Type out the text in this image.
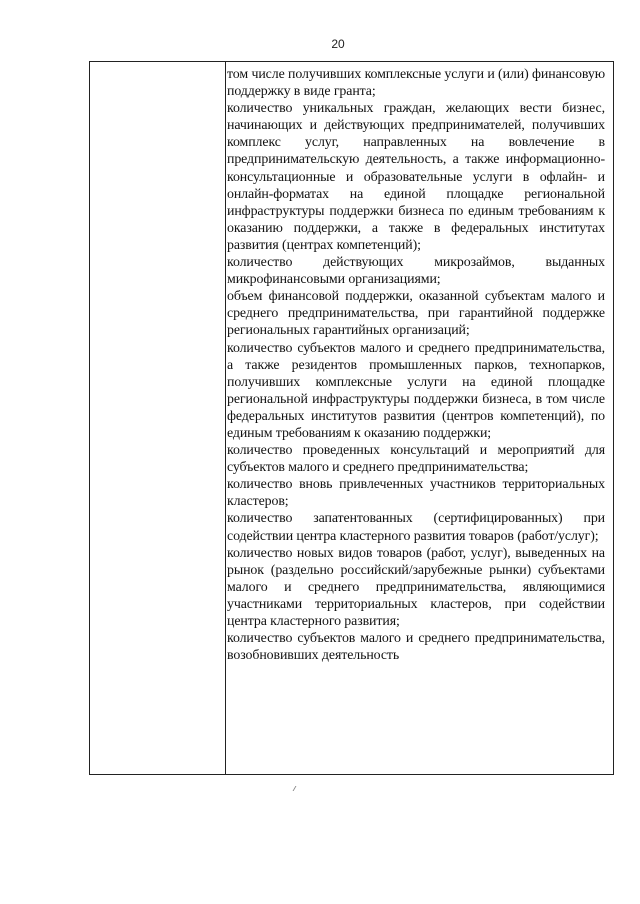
20

том числе получивших комплексные услуги и (или) финансовую поддержку в виде гранта;

количество уникальных граждан, желающих вести бизнес, начинающих и действующих предпринимателей, получивших комплекс услуг, направленных на вовлечение в предпринимательскую деятельность, а также информационно-консультационные и образовательные услуги в офлайн- и онлайн-форматах на единой площадке региональной инфраструктуры поддержки бизнеса по единым требованиям к оказанию поддержки, а также в федеральных институтах развития (центрах компетенций);

количество действующих микрозаймов, выданных микрофинансовыми организациями;

объем финансовой поддержки, оказанной субъектам малого и среднего предпринимательства, при гарантийной поддержке региональных гарантийных организаций;

количество субъектов малого и среднего предпринимательства, а также резидентов промышленных парков, технопарков, получивших комплексные услуги на единой площадке региональной инфраструктуры поддержки бизнеса, в том числе федеральных институтов развития (центров компетенций), по единым требованиям к оказанию поддержки;

количество проведенных консультаций и мероприятий для субъектов малого и среднего предпринимательства;

количество вновь привлеченных участников территориальных кластеров;

количество запатентованных (сертифицированных) при содействии центра кластерного развития товаров (работ/услуг);

количество новых видов товаров (работ, услуг), выведенных на рынок (раздельно российский/зарубежные рынки) субъектами малого и среднего предпринимательства, являющимися участниками территориальных кластеров, при содействии центра кластерного развития;

количество субъектов малого и среднего предпринимательства, возобновивших деятельность
